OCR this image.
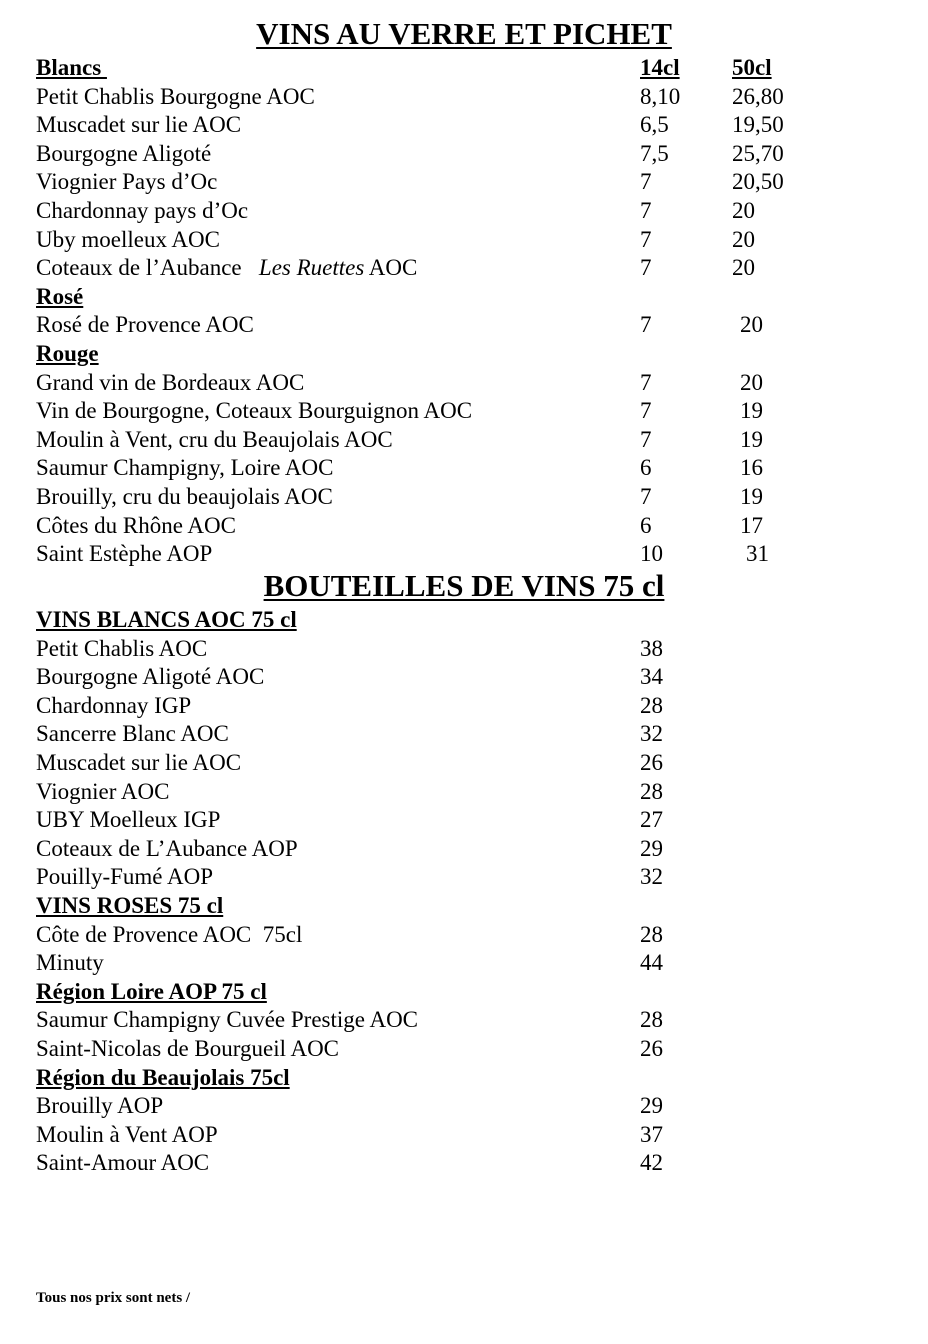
VINS AU VERRE ET PICHET
Blancs	14cl 50cl
Petit Chablis Bourgogne AOC	8,10 26,80
Muscadet sur lie AOC	6,5	19,50
Bourgogne Aligoté	7,5	25,70
Viognier Pays d’Oc	7	20,50
Chardonnay pays d’Oc	7	20
Uby moelleux AOC	7	20
Coteaux de l’Aubance Les Ruettes AOC	7	20
Rosé
Rosé de Provence AOC	7	20
Rouge
Grand vin de Bordeaux AOC	7	20
Vin de Bourgogne, Coteaux Bourguignon AOC	7	19
Moulin à Vent, cru du Beaujolais AOC	7	19
Saumur Champigny, Loire AOC	6	16
Brouilly, cru du beaujolais AOC	7	19
Côtes du Rhône AOC	6	17
Saint Estèphe AOP	10	31
BOUTEILLES DE VINS 75 cl
VINS BLANCS AOC 75 cl
Petit Chablis AOC	38
Bourgogne Aligoté AOC	34
Chardonnay IGP	28
Sancerre Blanc AOC	32
Muscadet sur lie AOC	26
Viognier AOC	28
UBY Moelleux IGP	27
Coteaux de L’Aubance AOP	29
Pouilly-Fumé AOP	32
VINS ROSES 75 cl
Côte de Provence AOC  75cl	28
Minuty	44
Région Loire AOP 75 cl
Saumur Champigny Cuvée Prestige AOC	28
Saint-Nicolas de Bourgueil AOC	26
Région du Beaujolais 75cl
Brouilly AOP	29
Moulin à Vent AOP	37
Saint-Amour AOC	42
Tous nos prix sont nets /
